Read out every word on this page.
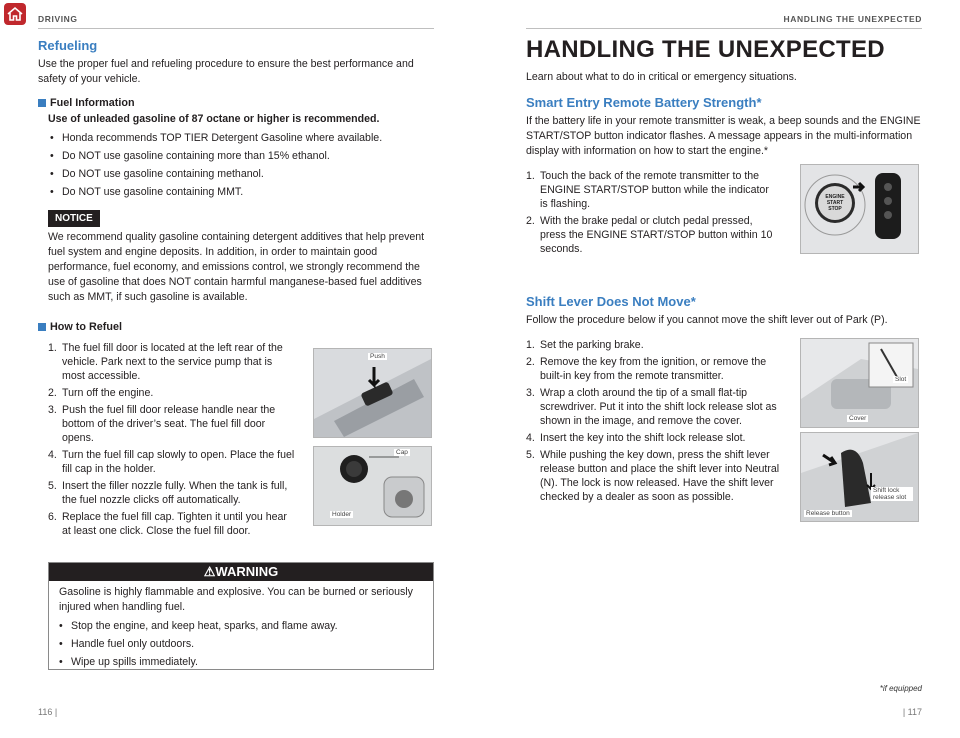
DRIVING	HANDLING THE UNEXPECTED
Refueling

Use the proper fuel and refueling procedure to ensure the best performance and safety of your vehicle.

Fuel Information

Use of unleaded gasoline of 87 octane or higher is recommended.

• Honda recommends TOP TIER Detergent Gasoline where available.
• Do NOT use gasoline containing more than 15% ethanol.
• Do NOT use gasoline containing methanol.
• Do NOT use gasoline containing MMT.
NOTICE

We recommend quality gasoline containing detergent additives that help prevent fuel system and engine deposits. In addition, in order to maintain good performance, fuel economy, and emissions control, we strongly recommend the use of gasoline that does NOT contain harmful manganese-based fuel additives such as MMT, if such gasoline is available.

How to Refuel
1. The fuel fill door is located at the left rear of the vehicle. Park next to the service pump that is most accessible.
2. Turn off the engine.
3. Push the fuel fill door release handle near the bottom of the driver’s seat. The fuel fill door opens.
4. Turn the fuel fill cap slowly to open. Place the fuel fill cap in the holder.
5. Insert the filler nozzle fully. When the tank is full, the fuel nozzle clicks off automatically.
6. Replace the fuel fill cap. Tighten it until you hear at least one click. Close the fuel fill door.
Push
Cap
Holder
⚠WARNING

Gasoline is highly flammable and explosive. You can be burned or seriously injured when handling fuel.

• Stop the engine, and keep heat, sparks, and flame away.
• Handle fuel only outdoors.
• Wipe up spills immediately.
116 |
HANDLING THE UNEXPECTED

Learn about what to do in critical or emergency situations.

Smart Entry Remote Battery Strength*

If the battery life in your remote transmitter is weak, a beep sounds and the ENGINE START/STOP button indicator flashes. A message appears in the multi-information display with information on how to start the engine.*

1. Touch the back of the remote transmitter to the ENGINE START/STOP button while the indicator is flashing.
2. With the brake pedal or clutch pedal pressed, press the ENGINE START/STOP button within 10 seconds.
Shift Lever Does Not Move*

Follow the procedure below if you cannot move the shift lever out of Park (P).

1. Set the parking brake.
2. Remove the key from the ignition, or remove the built-in key from the remote transmitter.
3. Wrap a cloth around the tip of a small flat-tip screwdriver. Put it into the shift lock release slot as shown in the image, and remove the cover.
4. Insert the key into the shift lock release slot.
5. While pushing the key down, press the shift lever release button and place the shift lever into Neutral (N). The lock is now released. Have the shift lever checked by a dealer as soon as possible.
ENGINE
START
STOP
Slot
Cover
Shift lock release slot
Release button
*if equipped
| 117
